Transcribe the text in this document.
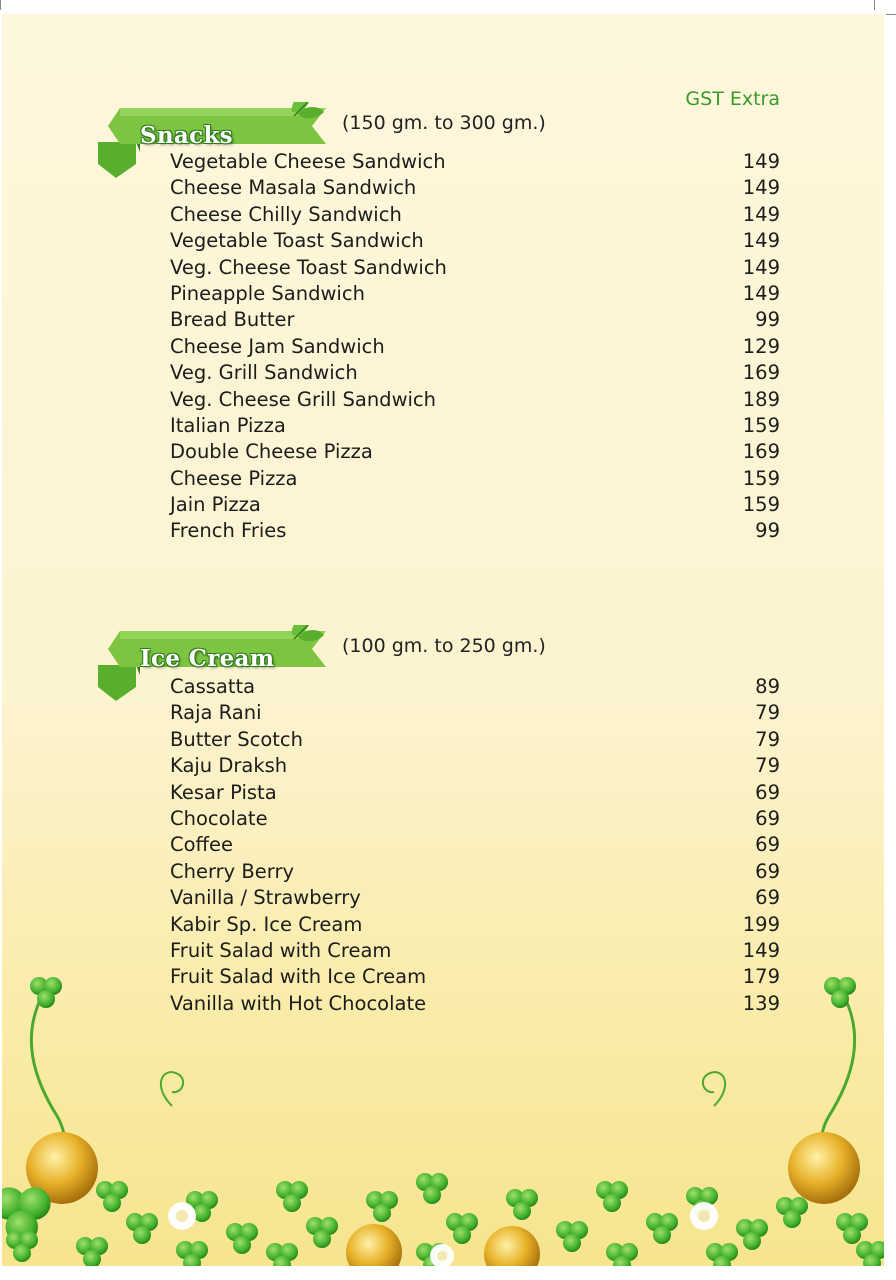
GST Extra
Snacks	(150 gm. to 300 gm.)
Vegetable Cheese Sandwich	149
Cheese Masala Sandwich	149
Cheese Chilly Sandwich	149
Vegetable Toast Sandwich	149
Veg. Cheese Toast Sandwich	149
Pineapple Sandwich	149
Bread Butter	99
Cheese Jam Sandwich	129
Veg. Grill Sandwich	169
Veg. Cheese Grill Sandwich	189
Italian Pizza	159
Double Cheese Pizza	169
Cheese Pizza	159
Jain Pizza	159
French Fries	99
Ice Cream	(100 gm. to 250 gm.)
Cassatta	89
Raja Rani	79
Butter Scotch	79
Kaju Draksh	79
Kesar Pista	69
Chocolate	69
Coffee	69
Cherry Berry	69
Vanilla / Strawberry	69
Kabir Sp. Ice Cream	199
Fruit Salad with Cream	149
Fruit Salad with Ice Cream	179
Vanilla with Hot Chocolate	139
